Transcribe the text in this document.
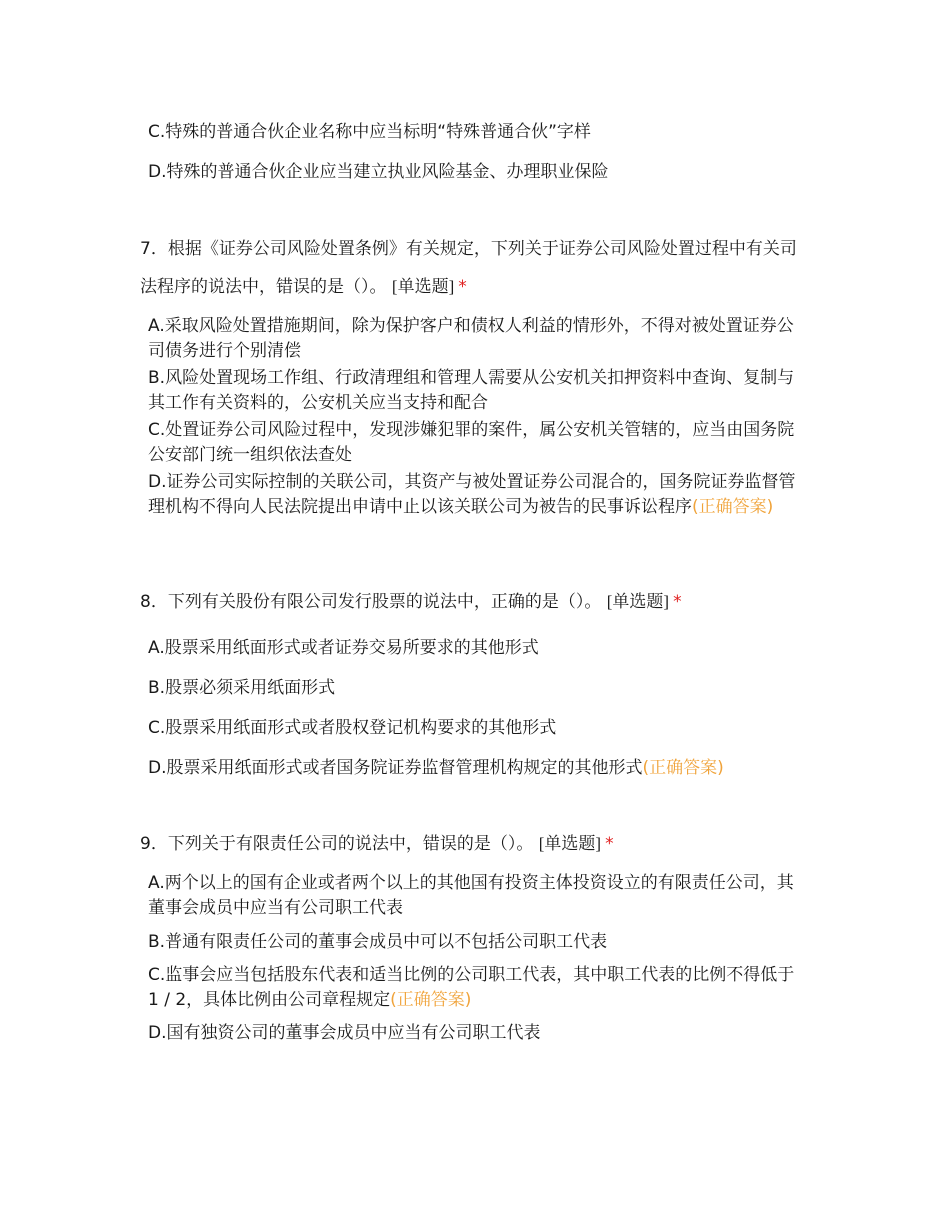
C.特殊的普通合伙企业名称中应当标明“特殊普通合伙”字样

D.特殊的普通合伙企业应当建立执业风险基金、办理职业保险

7．根据《证券公司风险处置条例》有关规定，下列关于证券公司风险处置过程中有关司法程序的说法中，错误的是（）。 [单选题] *

A.采取风险处置措施期间，除为保护客户和债权人利益的情形外，不得对被处置证券公司债务进行个别清偿

B.风险处置现场工作组、行政清理组和管理人需要从公安机关扣押资料中查询、复制与其工作有关资料的，公安机关应当支持和配合

C.处置证券公司风险过程中，发现涉嫌犯罪的案件，属公安机关管辖的，应当由国务院公安部门统一组织依法查处

D.证券公司实际控制的关联公司，其资产与被处置证券公司混合的，国务院证券监督管理机构不得向人民法院提出申请中止以该关联公司为被告的民事诉讼程序(正确答案)

8．下列有关股份有限公司发行股票的说法中，正确的是（）。 [单选题] *

A.股票采用纸面形式或者证券交易所要求的其他形式

B.股票必须采用纸面形式

C.股票采用纸面形式或者股权登记机构要求的其他形式

D.股票采用纸面形式或者国务院证券监督管理机构规定的其他形式(正确答案)

9．下列关于有限责任公司的说法中，错误的是（）。 [单选题] *

A.两个以上的国有企业或者两个以上的其他国有投资主体投资设立的有限责任公司，其董事会成员中应当有公司职工代表

B.普通有限责任公司的董事会成员中可以不包括公司职工代表

C.监事会应当包括股东代表和适当比例的公司职工代表，其中职工代表的比例不得低于 1 / 2，具体比例由公司章程规定(正确答案)

D.国有独资公司的董事会成员中应当有公司职工代表
